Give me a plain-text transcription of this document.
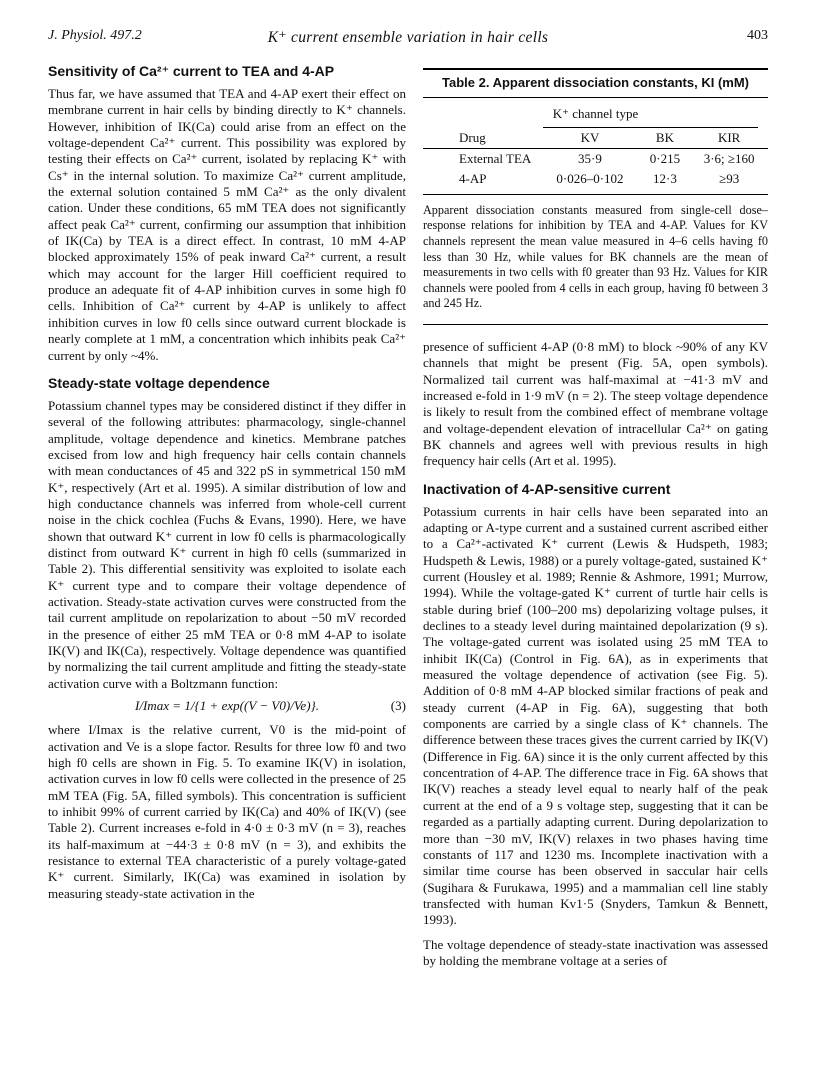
J. Physiol. 497.2	K⁺ current ensemble variation in hair cells	403
Sensitivity of Ca²⁺ current to TEA and 4-AP

Thus far, we have assumed that TEA and 4-AP exert their effect on membrane current in hair cells by binding directly to K⁺ channels. However, inhibition of IK(Ca) could arise from an effect on the voltage-dependent Ca²⁺ current. This possibility was explored by testing their effects on Ca²⁺ current, isolated by replacing K⁺ with Cs⁺ in the internal solution. To maximize Ca²⁺ current amplitude, the external solution contained 5 mM Ca²⁺ as the only divalent cation. Under these conditions, 65 mM TEA does not significantly affect peak Ca²⁺ current, confirming our assumption that inhibition of IK(Ca) by TEA is a direct effect. In contrast, 10 mM 4-AP blocked approximately 15% of peak inward Ca²⁺ current, a result which may account for the larger Hill coefficient required to produce an adequate fit of 4-AP inhibition curves in some high f0 cells. Inhibition of Ca²⁺ current by 4-AP is unlikely to affect inhibition curves in low f0 cells since outward current blockade is nearly complete at 1 mM, a concentration which inhibits peak Ca²⁺ current by only ~4%.

Steady-state voltage dependence

Potassium channel types may be considered distinct if they differ in several of the following attributes: pharmacology, single-channel amplitude, voltage dependence and kinetics. Membrane patches excised from low and high frequency hair cells contain channels with mean conductances of 45 and 322 pS in symmetrical 150 mM K⁺, respectively (Art et al. 1995). A similar distribution of low and high conductance channels was inferred from whole-cell current noise in the chick cochlea (Fuchs & Evans, 1990). Here, we have shown that outward K⁺ current in low f0 cells is pharmacologically distinct from outward K⁺ current in high f0 cells (summarized in Table 2). This differential sensitivity was exploited to isolate each K⁺ current type and to compare their voltage dependence of activation. Steady-state activation curves were constructed from the tail current amplitude on repolarization to about −50 mV recorded in the presence of either 25 mM TEA or 0·8 mM 4-AP to isolate IK(V) and IK(Ca), respectively. Voltage dependence was quantified by normalizing the tail current amplitude and fitting the steady-state activation curve with a Boltzmann function:

I/Imax = 1/{1 + exp((V − V0)/Ve)}.	(3)

where I/Imax is the relative current, V0 is the mid-point of activation and Ve is a slope factor. Results for three low f0 and two high f0 cells are shown in Fig. 5. To examine IK(V) in isolation, activation curves in low f0 cells were collected in the presence of 25 mM TEA (Fig. 5A, filled symbols). This concentration is sufficient to inhibit 99% of current carried by IK(Ca) and 40% of IK(V) (see Table 2). Current increases e-fold in 4·0 ± 0·3 mV (n = 3), reaches its half-maximum at −44·3 ± 0·8 mV (n = 3), and exhibits the resistance to external TEA characteristic of a purely voltage-gated K⁺ current. Similarly, IK(Ca) was examined in isolation by measuring steady-state activation in the

Table 2. Apparent dissociation constants, KI (mM)
K⁺ channel type
Drug	KV	BK	KIR

External TEA	35·9	0·215	3·6; ≥160
4-AP	0·026–0·102	12·3	≥93
Apparent dissociation constants measured from single-cell dose–response relations for inhibition by TEA and 4-AP. Values for KV channels represent the mean value measured in 4–6 cells having f0 less than 30 Hz, while values for BK channels are the mean of measurements in two cells with f0 greater than 93 Hz. Values for KIR channels were pooled from 4 cells in each group, having f0 between 3 and 245 Hz.

presence of sufficient 4-AP (0·8 mM) to block ~90% of any KV channels that might be present (Fig. 5A, open symbols). Normalized tail current was half-maximal at −41·3 mV and increased e-fold in 1·9 mV (n = 2). The steep voltage dependence is likely to result from the combined effect of membrane voltage and voltage-dependent elevation of intracellular Ca²⁺ on gating BK channels and agrees well with previous results in high frequency hair cells (Art et al. 1995).

Inactivation of 4-AP-sensitive current

Potassium currents in hair cells have been separated into an adapting or A-type current and a sustained current ascribed either to a Ca²⁺-activated K⁺ current (Lewis & Hudspeth, 1983; Hudspeth & Lewis, 1988) or a purely voltage-gated, sustained K⁺ current (Housley et al. 1989; Rennie & Ashmore, 1991; Murrow, 1994). While the voltage-gated K⁺ current of turtle hair cells is stable during brief (100–200 ms) depolarizing voltage pulses, it declines to a steady level during maintained depolarization (9 s). The voltage-gated current was isolated using 25 mM TEA to inhibit IK(Ca) (Control in Fig. 6A), as in experiments that measured the voltage dependence of activation (see Fig. 5). Addition of 0·8 mM 4-AP blocked similar fractions of peak and steady current (4-AP in Fig. 6A), suggesting that both components are carried by a single class of K⁺ channels. The difference between these traces gives the current carried by IK(V) (Difference in Fig. 6A) since it is the only current affected by this concentration of 4-AP. The difference trace in Fig. 6A shows that IK(V) reaches a steady level equal to nearly half of the peak current at the end of a 9 s voltage step, suggesting that it can be regarded as a partially adapting current. During depolarization to more than −30 mV, IK(V) relaxes in two phases having time constants of 117 and 1230 ms. Incomplete inactivation with a similar time course has been observed in saccular hair cells (Sugihara & Furukawa, 1995) and a mammalian cell line stably transfected with human Kv1·5 (Snyders, Tamkun & Bennett, 1993).

The voltage dependence of steady-state inactivation was assessed by holding the membrane voltage at a series of
